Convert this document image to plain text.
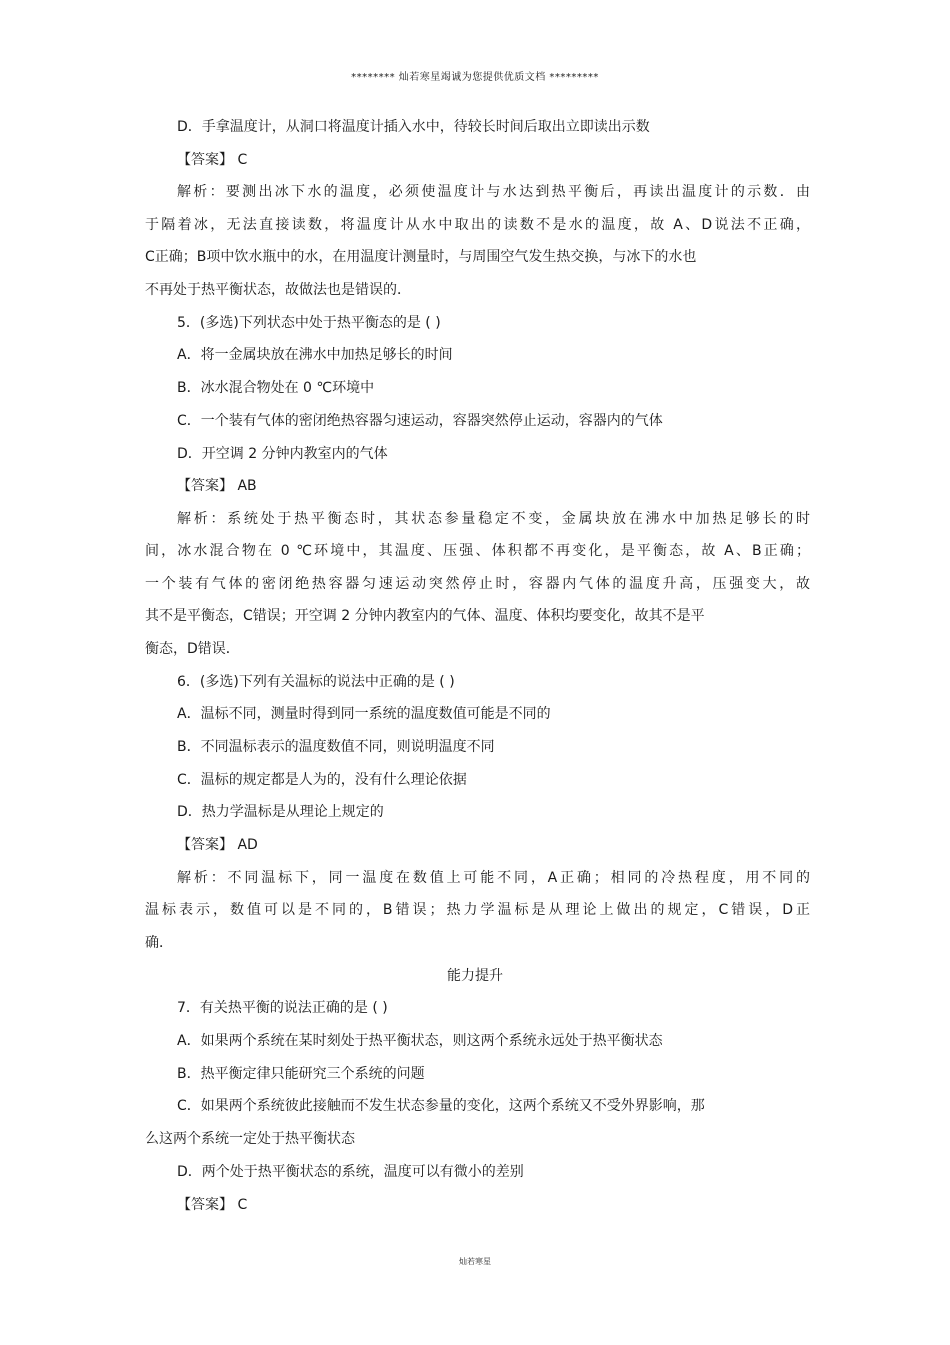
******** 灿若寒星竭诚为您提供优质文档 *********
D．手拿温度计，从洞口将温度计插入水中，待较长时间后取出立即读出示数
【答案】 C
解析：要测出冰下水的温度，必须使温度计与水达到热平衡后，再读出温度计的示数．由
于隔着冰，无法直接读数，将温度计从水中取出的读数不是水的温度，故 A、D说法不正确，
C正确；B项中饮水瓶中的水，在用温度计测量时，与周围空气发生热交换，与冰下的水也
不再处于热平衡状态，故做法也是错误的．
5．(多选)下列状态中处于热平衡态的是 ( )
A．将一金属块放在沸水中加热足够长的时间
B．冰水混合物处在 0 ℃环境中
C．一个装有气体的密闭绝热容器匀速运动，容器突然停止运动，容器内的气体
D．开空调 2 分钟内教室内的气体
【答案】 AB
解析：系统处于热平衡态时，其状态参量稳定不变，金属块放在沸水中加热足够长的时
间，冰水混合物在 0 ℃环境中，其温度、压强、体积都不再变化，是平衡态，故 A、B正确；
一个装有气体的密闭绝热容器匀速运动突然停止时，容器内气体的温度升高，压强变大，故
其不是平衡态，C错误；开空调 2 分钟内教室内的气体、温度、体积均要变化，故其不是平
衡态，D错误．
6．(多选)下列有关温标的说法中正确的是 ( )
A．温标不同，测量时得到同一系统的温度数值可能是不同的
B．不同温标表示的温度数值不同，则说明温度不同
C．温标的规定都是人为的，没有什么理论依据
D．热力学温标是从理论上规定的
【答案】 AD
解析：不同温标下，同一温度在数值上可能不同，A正确；相同的冷热程度，用不同的
温标表示，数值可以是不同的，B错误；热力学温标是从理论上做出的规定，C错误，D正
确．
能力提升
7．有关热平衡的说法正确的是 ( )
A．如果两个系统在某时刻处于热平衡状态，则这两个系统永远处于热平衡状态
B．热平衡定律只能研究三个系统的问题
C．如果两个系统彼此接触而不发生状态参量的变化，这两个系统又不受外界影响，那
么这两个系统一定处于热平衡状态
D．两个处于热平衡状态的系统，温度可以有微小的差别
【答案】 C
灿若寒星
